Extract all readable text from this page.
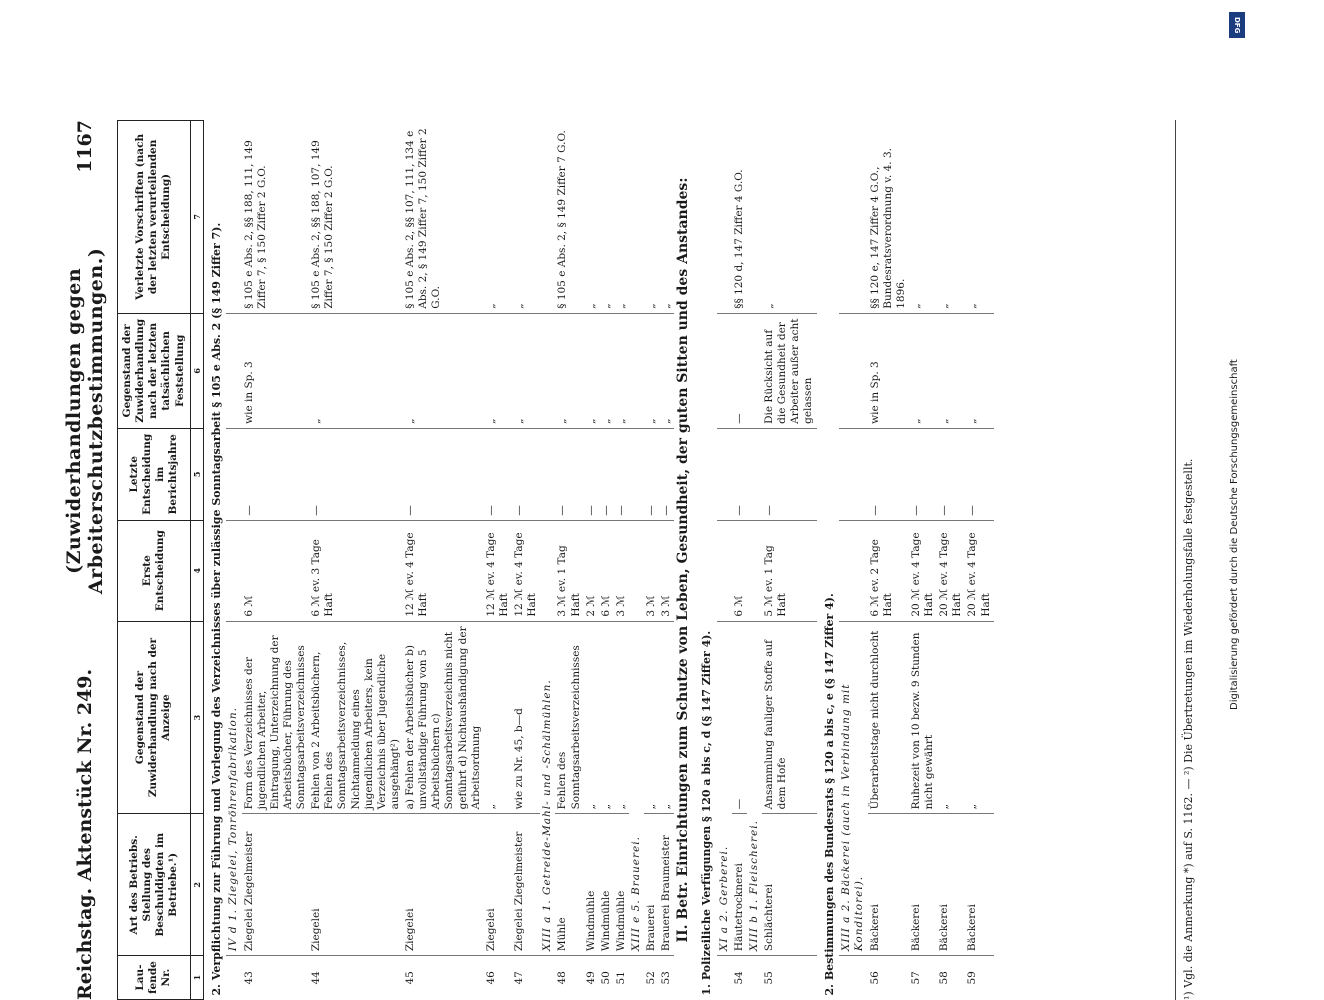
Reichstag. Aktenstück Nr. 249.
(Zuwiderhandlungen gegen Arbeiterschutzbestimmungen.)
1167
Lau-fende Nr.	Art des Betriebs. Stellung des Beschuldigten im Betriebe.¹)	Gegenstand der Zuwiderhandlung nach der Anzeige	Erste Entscheidung	Letzte Entscheidung im Berichtsjahre	Gegenstand der Zuwiderhandlung nach der letzten tatsächlichen Feststellung	Verletzte Vorschriften (nach der letzten verurteilenden Entscheidung)
1	2	3	4	5	6	7
2. Verpflichtung zur Führung und Vorlegung des Verzeichnisses über zulässige Sonntagsarbeit § 105 e Abs. 2 (§ 149 Ziffer 7).						
	IV d 1. Ziegelei, Tonröhrenfabrikation.					
43	Ziegelei Ziegelmeister	Form des Verzeichnisses der jugendlichen Arbeiter, Eintragung, Unterzeichnung der Arbeitsbücher, Führung des Sonntagsarbeitsverzeichnisses	6 ℳ	—	wie in Sp. 3	§ 105 e Abs. 2, §§ 188, 111, 149 Ziffer 7, § 150 Ziffer 2 G.O.
44	Ziegelei	Fehlen von 2 Arbeitsbüchern, Fehlen des Sonntagsarbeitsverzeichnisses, Nichtanmeldung eines jugendlichen Arbeiters, kein Verzeichnis über Jugendliche ausgehängt²)	6 ℳ ev. 3 Tage Haft	—	„	§ 105 e Abs. 2, §§ 188, 107, 149 Ziffer 7, § 150 Ziffer 2 G.O.
45	Ziegelei	a) Fehlen der Arbeitsbücher b) unvollständige Führung von 5 Arbeitsbüchern c) Sonntagsarbeitsverzeichnis nicht geführt d) Nichtaushändigung der Arbeitsordnung	12 ℳ ev. 4 Tage Haft	—	„	§ 105 e Abs. 2, §§ 107, 111, 134 e Abs. 2, § 149 Ziffer 7, 150 Ziffer 2 G.O.
46	Ziegelei	„	12 ℳ ev. 4 Tage Haft	—	„	„
47	Ziegelei Ziegelmeister	wie zu Nr. 45, b—d	12 ℳ ev. 4 Tage Haft	—	„	„
	XIII a 1. Getreide-Mahl- und -Schälmühlen.					
48	Mühle	Fehlen des Sonntagsarbeitsverzeichnisses	3 ℳ ev. 1 Tag Haft	—	„	§ 105 e Abs. 2, § 149 Ziffer 7 G.O.
49	Windmühle	„	2 ℳ	—	„	„
50	Windmühle	„	6 ℳ	—	„	„
51	Windmühle	„	3 ℳ	—	„	„
	XIII e 5. Brauerei.					
52	Brauerei	„	3 ℳ	—	„	„
53	Brauerei Braumeister	„	3 ℳ	—	„	„
II. Betr. Einrichtungen zum Schutze von Leben, Gesundheit, der guten Sitten und des Anstandes:						
1. Polizeiliche Verfügungen § 120 a bis c, d (§ 147 Ziffer 4).						
	XI a 2. Gerberei.					
54	Häutetrocknerei	—	6 ℳ	—	—	§§ 120 d, 147 Ziffer 4 G.O.
	XIII b 1. Fleischerei.					
55	Schlächterei	Ansammlung fauliger Stoffe auf dem Hofe	5 ℳ ev. 1 Tag Haft	—	Die Rücksicht auf die Gesundheit der Arbeiter außer acht gelassen	„
2. Bestimmungen des Bundesrats § 120 a bis c, e (§ 147 Ziffer 4).						
	XIII a 2. Bäckerei (auch in Verbindung mit Konditorei).					
56	Bäckerei	Überarbeitstage nicht durchlocht	6 ℳ ev. 2 Tage Haft	—	wie in Sp. 3	§§ 120 e, 147 Ziffer 4 G.O., Bundesratsverordnung v. 4. 3. 1896.
57	Bäckerei	Ruhezeit von 10 bezw. 9 Stunden nicht gewährt	20 ℳ ev. 4 Tage Haft	—	„	„
58	Bäckerei	„	20 ℳ ev. 4 Tage Haft	—	„	„
59	Bäckerei	„	20 ℳ ev. 4 Tage Haft	—	„	„
¹) Vgl. die Anmerkung *) auf S. 1162. — ²) Die Übertretungen im Wiederholungsfalle festgestellt.
DFG
Digitalisierung gefördert durch die Deutsche Forschungsgemeinschaft
